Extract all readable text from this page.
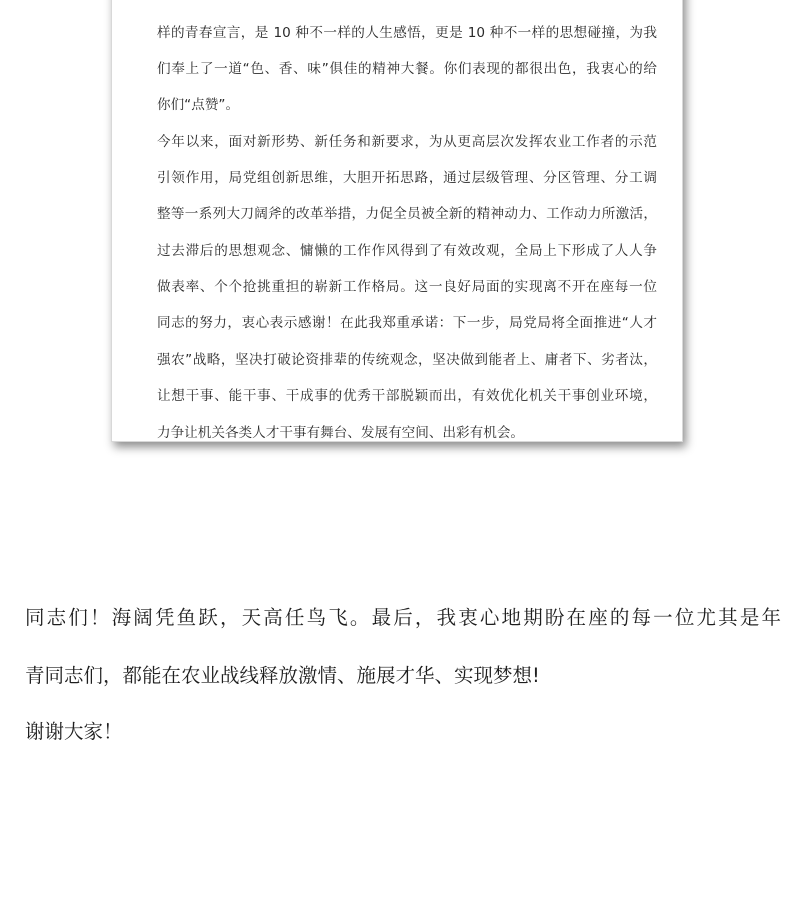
样的青春宣言，是 10 种不一样的人生感悟，更是 10 种不一样的思想碰撞，为我
们奉上了一道“色、香、味”俱佳的精神大餐。你们表现的都很出色，我衷心的给
你们“点赞”。
今年以来，面对新形势、新任务和新要求，为从更高层次发挥农业工作者的示范
引领作用，局党组创新思维，大胆开拓思路，通过层级管理、分区管理、分工调
整等一系列大刀阔斧的改革举措，力促全员被全新的精神动力、工作动力所激活，
过去滞后的思想观念、慵懒的工作作风得到了有效改观，全局上下形成了人人争
做表率、个个抢挑重担的崭新工作格局。这一良好局面的实现离不开在座每一位
同志的努力，衷心表示感谢！在此我郑重承诺：下一步，局党局将全面推进“人才
强农”战略，坚决打破论资排辈的传统观念，坚决做到能者上、庸者下、劣者汰，
让想干事、能干事、干成事的优秀干部脱颖而出，有效优化机关干事创业环境，
力争让机关各类人才干事有舞台、发展有空间、出彩有机会。
同志们！海阔凭鱼跃，天高任鸟飞。最后，我衷心地期盼在座的每一位尤其是年
青同志们，都能在农业战线释放激情、施展才华、实现梦想!
谢谢大家！
